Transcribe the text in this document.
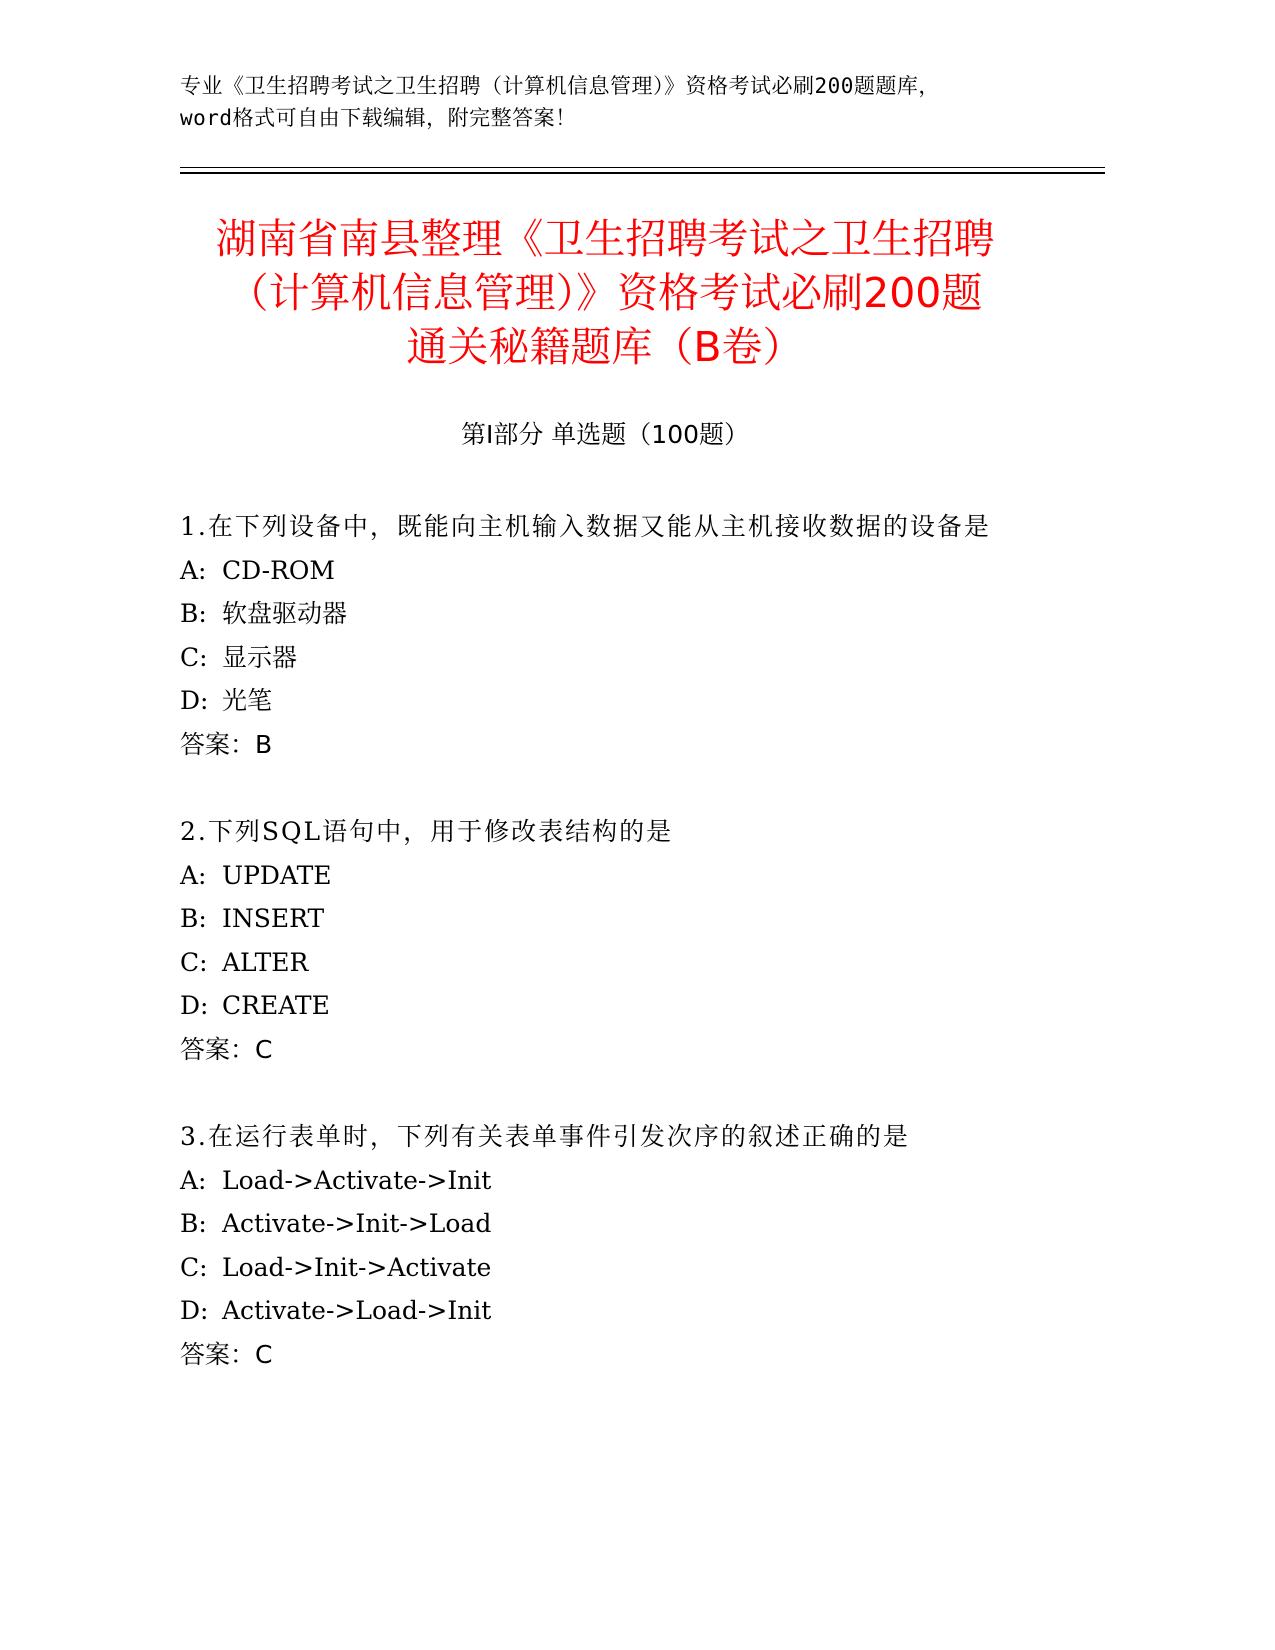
专业《卫生招聘考试之卫生招聘（计算机信息管理）》资格考试必刷200题题库，
word格式可自由下载编辑，附完整答案！
湖南省南县整理《卫生招聘考试之卫生招聘
（计算机信息管理）》资格考试必刷200题
通关秘籍题库（B卷）
第Ⅰ部分 单选题（100题）
1.在下列设备中，既能向主机输入数据又能从主机接收数据的设备是
A: CD-ROM
B: 软盘驱动器
C: 显示器
D: 光笔
答案：B
2.下列SQL语句中，用于修改表结构的是
A: UPDATE
B: INSERT
C: ALTER
D: CREATE
答案：C
3.在运行表单时，下列有关表单事件引发次序的叙述正确的是
A: Load->Activate->Init
B: Activate->Init->Load
C: Load->Init->Activate
D: Activate->Load->Init
答案：C
